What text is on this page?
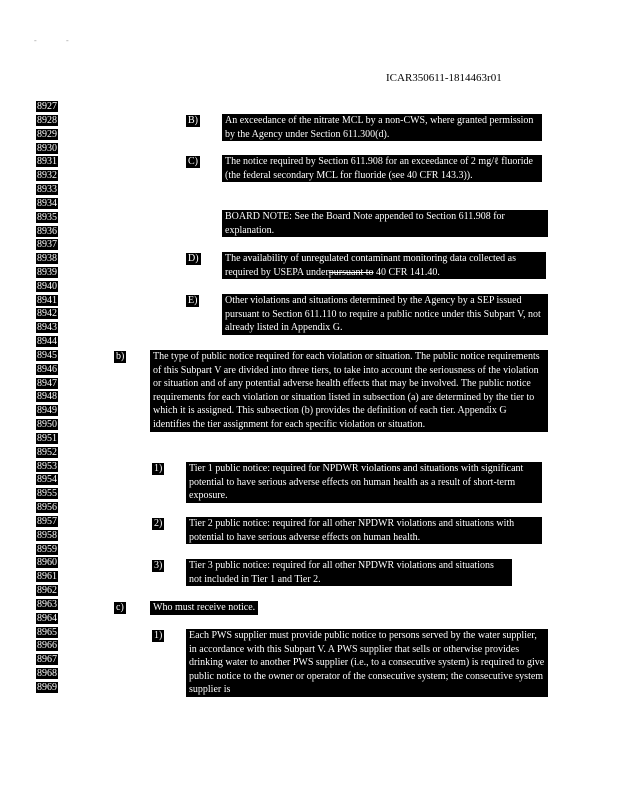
-	-
ICAR350611-1814463r01
8927
8928
8929
8930
8931
8932
8933
8934
8935
8936
8937
8938
8939
8940
8941
8942
8943
8944
8945
8946
8947
8948
8949
8950
8951
8952
8953
8954
8955
8956
8957
8958
8959
8960
8961
8962
8963
8964
8965
8966
8967
8968
8969
B)	An exceedance of the nitrate MCL by a non-CWS, where granted permission by the Agency under Section 611.300(d).
C)	The notice required by Section 611.908 for an exceedance of 2 mg/ℓ fluoride (the federal secondary MCL for fluoride (see 40 CFR 143.3)).
BOARD NOTE: See the Board Note appended to Section 611.908 for explanation.
D)	The availability of unregulated contaminant monitoring data collected as required by USEPA underpursuant to 40 CFR 141.40.
E)	Other violations and situations determined by the Agency by a SEP issued pursuant to Section 611.110 to require a public notice under this Subpart V, not already listed in Appendix G.
b)	The type of public notice required for each violation or situation. The public notice requirements of this Subpart V are divided into three tiers, to take into account the seriousness of the violation or situation and of any potential adverse health effects that may be involved. The public notice requirements for each violation or situation listed in subsection (a) are determined by the tier to which it is assigned. This subsection (b) provides the definition of each tier. Appendix G identifies the tier assignment for each specific violation or situation.
1)	Tier 1 public notice: required for NPDWR violations and situations with significant potential to have serious adverse effects on human health as a result of short-term exposure.
2)	Tier 2 public notice: required for all other NPDWR violations and situations with potential to have serious adverse effects on human health.
3)	Tier 3 public notice: required for all other NPDWR violations and situations not included in Tier 1 and Tier 2.
c)	Who must receive notice.
1)	Each PWS supplier must provide public notice to persons served by the water supplier, in accordance with this Subpart V. A PWS supplier that sells or otherwise provides drinking water to another PWS supplier (i.e., to a consecutive system) is required to give public notice to the owner or operator of the consecutive system; the consecutive system supplier is
